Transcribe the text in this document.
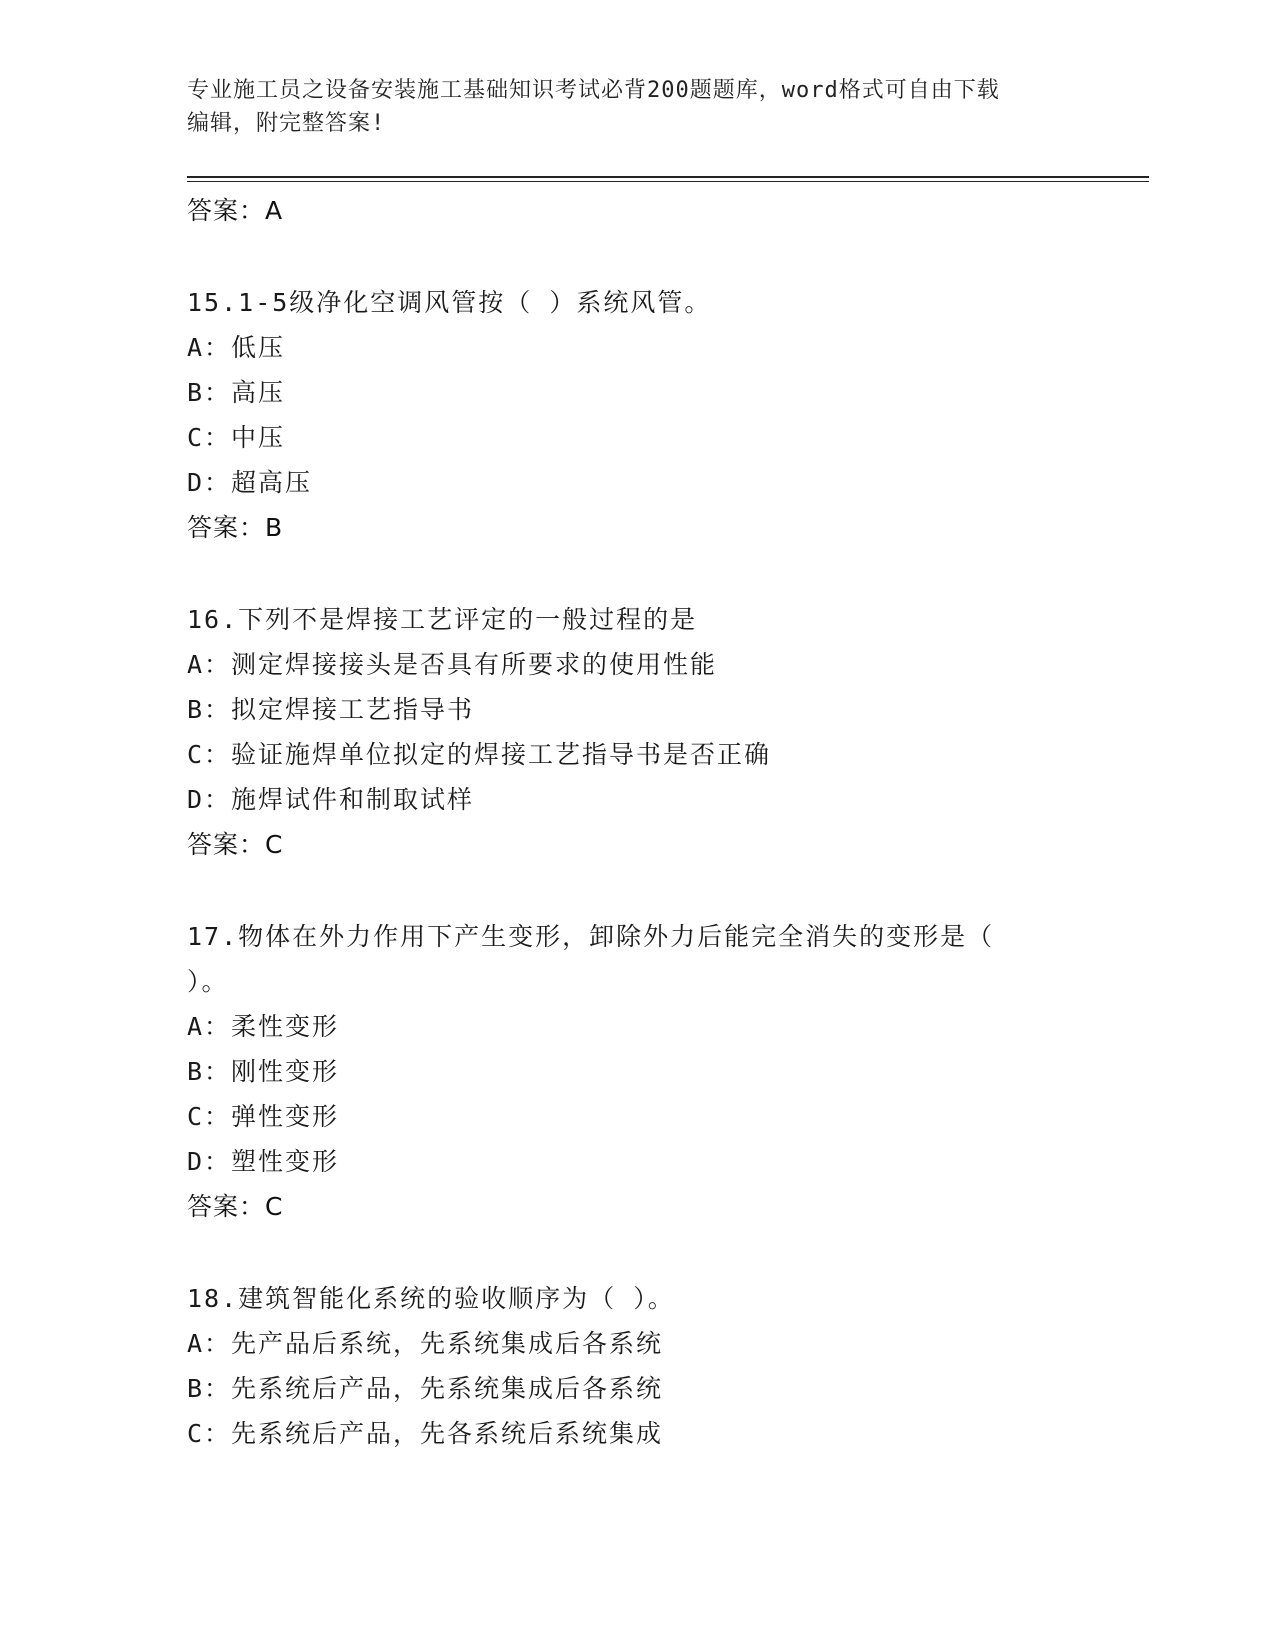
专业施工员之设备安装施工基础知识考试必背200题题库，word格式可自由下载
编辑，附完整答案!
答案：A
15.1-5级净化空调风管按（ ）系统风管。
A：低压
B：高压
C：中压
D：超高压
答案：B
16.下列不是焊接工艺评定的一般过程的是
A：测定焊接接头是否具有所要求的使用性能
B：拟定焊接工艺指导书
C：验证施焊单位拟定的焊接工艺指导书是否正确
D：施焊试件和制取试样
答案：C
17.物体在外力作用下产生变形，卸除外力后能完全消失的变形是（
）。
A：柔性变形
B：刚性变形
C：弹性变形
D：塑性变形
答案：C
18.建筑智能化系统的验收顺序为（ ）。
A：先产品后系统，先系统集成后各系统
B：先系统后产品，先系统集成后各系统
C：先系统后产品，先各系统后系统集成
